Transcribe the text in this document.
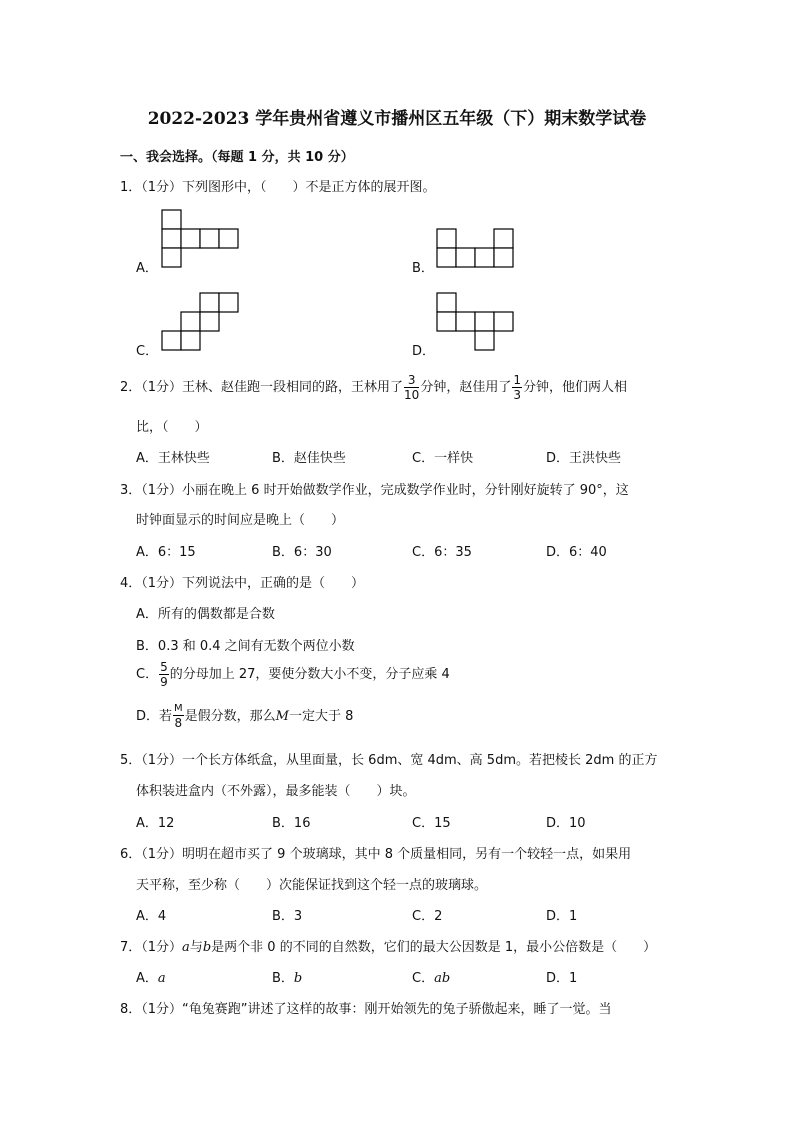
2022-2023 学年贵州省遵义市播州区五年级（下）期末数学试卷
一、我会选择。（每题 1 分，共 10 分）
1．（1分）下列图形中，（　　）不是正方体的展开图。
A．	B．
C．	D．
2．（1分）王林、赵佳跑一段相同的路，王林用了 $\frac{3}{10}$ 分钟，赵佳用了 $\frac{1}{3}$ 分钟，他们两人相
比，（　　）
A．王林快些	B．赵佳快些	C．一样快	D．王洪快些
3．（1分）小丽在晚上 6 时开始做数学作业，完成数学作业时，分针刚好旋转了 90°，这
时钟面显示的时间应是晚上（　　）
A．6：15	B．6：30	C．6：35	D．6：40
4．（1分）下列说法中，正确的是（　　）
A．所有的偶数都是合数
B．0.3 和 0.4 之间有无数个两位小数
C． $\frac{5}{9}$ 的分母加上 27，要使分数大小不变，分子应乘 4
D．若 $\frac{M}{8}$ 是假分数，那么M一定大于 8
5．（1分）一个长方体纸盒，从里面量，长 6dm、宽 4dm、高 5dm。若把棱长 2dm 的正方
体积装进盒内（不外露），最多能装（　　）块。
A．12	B．16	C．15	D．10
6．（1分）明明在超市买了 9 个玻璃球，其中 8 个质量相同，另有一个较轻一点，如果用
天平称，至少称（　　）次能保证找到这个轻一点的玻璃球。
A．4	B．3	C．2	D．1
7．（1分）a与b是两个非 0 的不同的自然数，它们的最大公因数是 1，最小公倍数是（　　）
A．a	B．b	C．ab	D．1
8．（1分）“龟兔赛跑”讲述了这样的故事：刚开始领先的兔子骄傲起来，睡了一觉。当
